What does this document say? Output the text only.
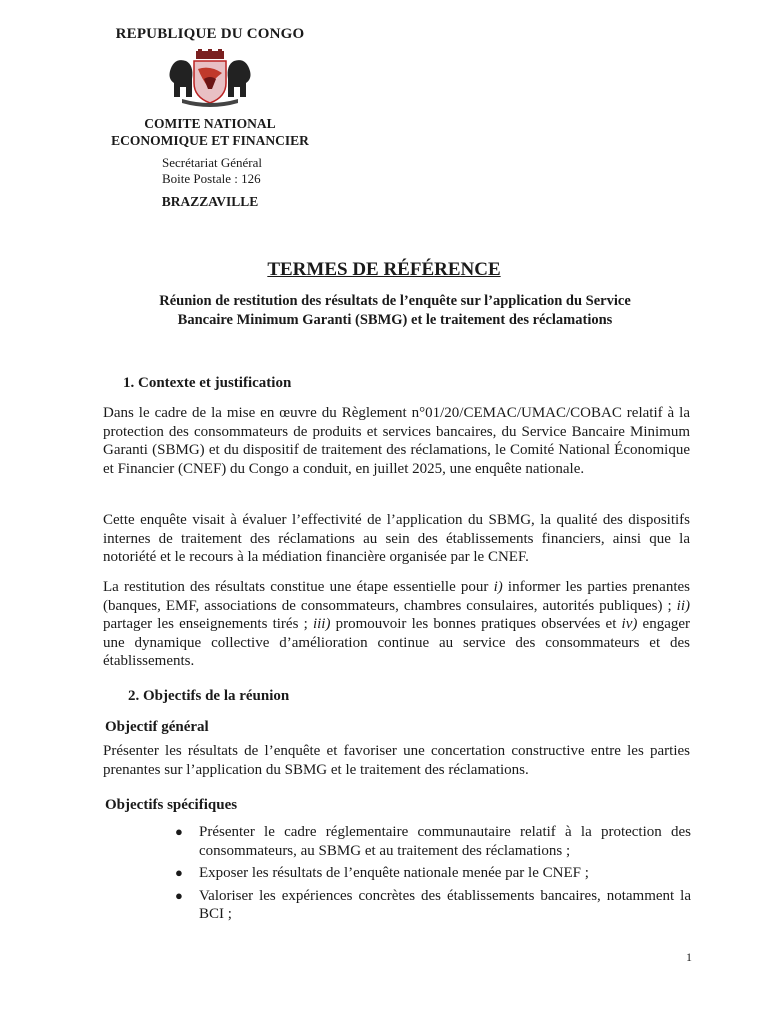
REPUBLIQUE DU CONGO
COMITE NATIONAL
ECONOMIQUE ET FINANCIER
Secrétariat Général
Boite Postale : 126
BRAZZAVILLE
TERMES DE RÉFÉRENCE
Réunion de restitution des résultats de l’enquête sur l’application du Service
Bancaire Minimum Garanti (SBMG) et le traitement des réclamations
1. Contexte et justification
Dans le cadre de la mise en œuvre du Règlement n°01/20/CEMAC/UMAC/COBAC relatif à la protection des consommateurs de produits et services bancaires, du Service Bancaire Minimum Garanti (SBMG) et du dispositif de traitement des réclamations, le Comité National Économique et Financier (CNEF) du Congo a conduit, en juillet 2025, une enquête nationale.
Cette enquête visait à évaluer l’effectivité de l’application du SBMG, la qualité des dispositifs internes de traitement des réclamations au sein des établissements financiers, ainsi que la notoriété et le recours à la médiation financière organisée par le CNEF.
La restitution des résultats constitue une étape essentielle pour i) informer les parties prenantes (banques, EMF, associations de consommateurs, chambres consulaires, autorités publiques) ; ii) partager les enseignements tirés ; iii) promouvoir les bonnes pratiques observées et iv) engager une dynamique collective d’amélioration continue au service des consommateurs et des établissements.
2. Objectifs de la réunion
Objectif général
Présenter les résultats de l’enquête et favoriser une concertation constructive entre les parties prenantes sur l’application du SBMG et le traitement des réclamations.
Objectifs spécifiques
● Présenter le cadre réglementaire communautaire relatif à la protection des consommateurs, au SBMG et au traitement des réclamations ;
● Exposer les résultats de l’enquête nationale menée par le CNEF ;
● Valoriser les expériences concrètes des établissements bancaires, notamment la BCI ;
1
